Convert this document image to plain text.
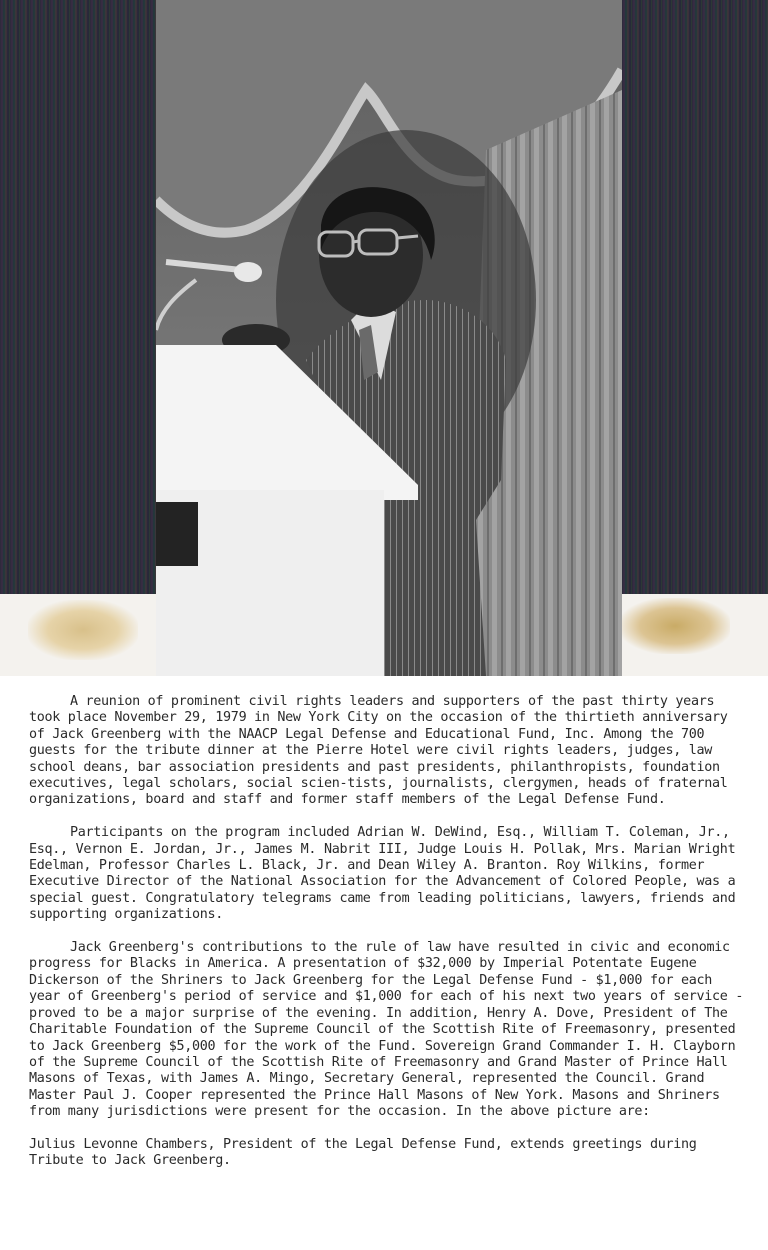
A reunion of prominent civil rights leaders and supporters of the past thirty years took place November 29, 1979 in New York City on the occasion of the thirtieth anniversary of Jack Greenberg with the NAACP Legal Defense and Educational Fund, Inc. Among the 700 guests for the tribute dinner at the Pierre Hotel were civil rights leaders, judges, law school deans, bar association presidents and past presidents, philanthropists, foundation executives, legal scholars, social scien-tists, journalists, clergymen, heads of fraternal organizations, board and staff and former staff members of the Legal Defense Fund.

Participants on the program included Adrian W. DeWind, Esq., William T. Coleman, Jr., Esq., Vernon E. Jordan, Jr., James M. Nabrit III, Judge Louis H. Pollak, Mrs. Marian Wright Edelman, Professor Charles L. Black, Jr. and Dean Wiley A. Branton. Roy Wilkins, former Executive Director of the National Association for the Advancement of Colored People, was a special guest. Congratulatory telegrams came from leading politicians, lawyers, friends and supporting organizations.

Jack Greenberg's contributions to the rule of law have resulted in civic and economic progress for Blacks in America. A presentation of $32,000 by Imperial Potentate Eugene Dickerson of the Shriners to Jack Greenberg for the Legal Defense Fund - $1,000 for each year of Greenberg's period of service and $1,000 for each of his next two years of service - proved to be a major surprise of the evening. In addition, Henry A. Dove, President of The Charitable Foundation of the Supreme Council of the Scottish Rite of Freemasonry, presented to Jack Greenberg $5,000 for the work of the Fund. Sovereign Grand Commander I. H. Clayborn of the Supreme Council of the Scottish Rite of Freemasonry and Grand Master of Prince Hall Masons of Texas, with James A. Mingo, Secretary General, represented the Council. Grand Master Paul J. Cooper represented the Prince Hall Masons of New York. Masons and Shriners from many jurisdictions were present for the occasion. In the above picture are:

Julius Levonne Chambers, President of the Legal Defense Fund, extends greetings during Tribute to Jack Greenberg.
